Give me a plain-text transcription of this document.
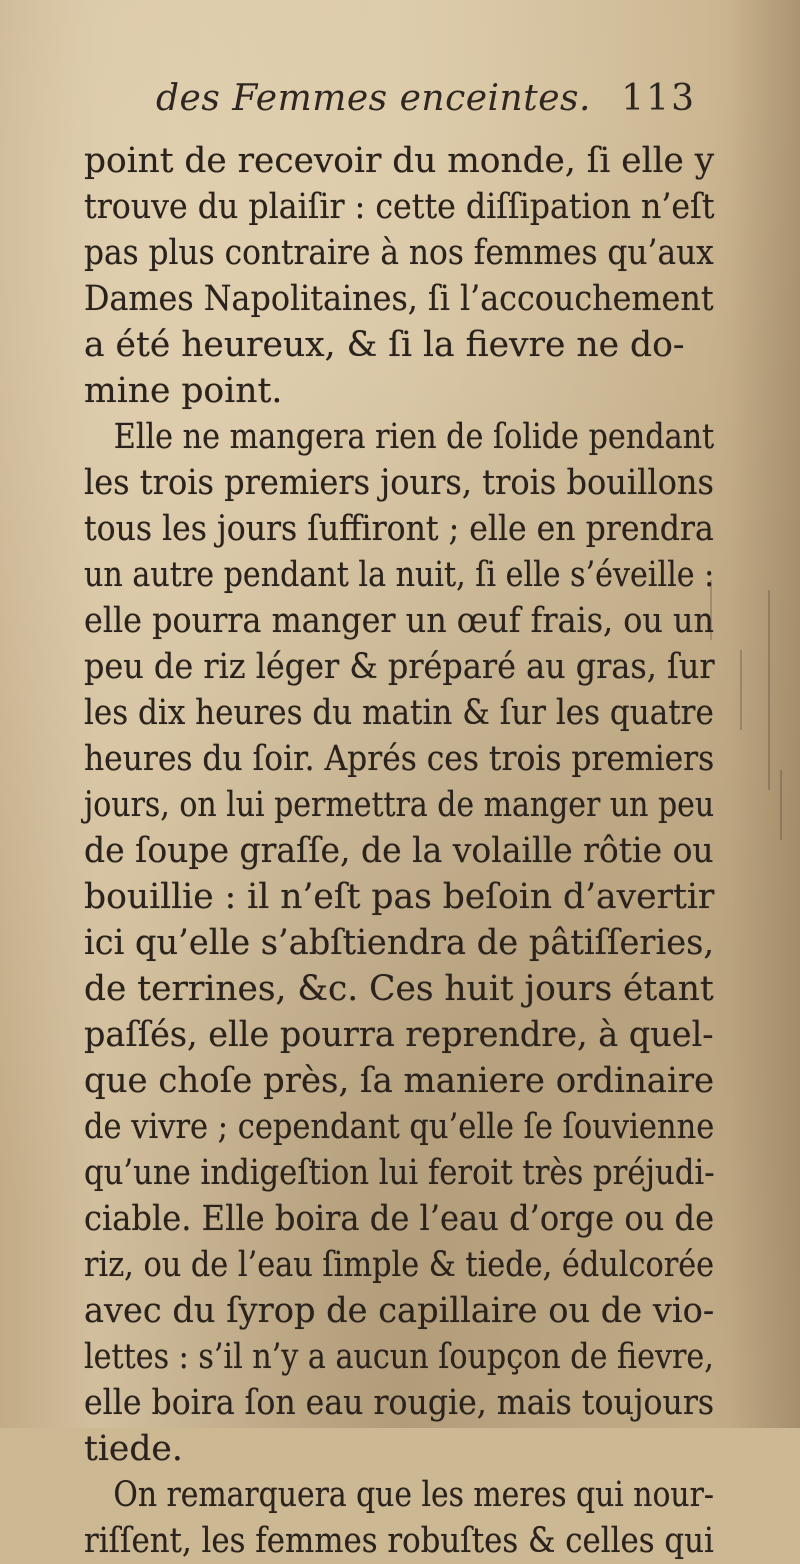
des Femmes enceintes. 113
point de recevoir du monde, ſi elle y
trouve du plaiſir : cette diſſipation n’eſt
pas plus contraire à nos femmes qu’aux
Dames Napolitaines, ſi l’accouchement
a été heureux, & ſi la fievre ne do-
mine point.
Elle ne mangera rien de ſolide pendant
les trois premiers jours, trois bouillons
tous les jours ſuffiront ; elle en prendra
un autre pendant la nuit, ſi elle s’éveille :
elle pourra manger un œuf frais, ou un
peu de riz léger & préparé au gras, ſur
les dix heures du matin & ſur les quatre
heures du ſoir. Aprés ces trois premiers
jours, on lui permettra de manger un peu
de ſoupe graſſe, de la volaille rôtie ou
bouillie : il n’eſt pas beſoin d’avertir
ici qu’elle s’abſtiendra de pâtiſſeries,
de terrines, &c. Ces huit jours étant
paſſés, elle pourra reprendre, à quel-
que choſe près, ſa maniere ordinaire
de vivre ; cependant qu’elle ſe ſouvienne
qu’une indigeſtion lui feroit très préjudi-
ciable. Elle boira de l’eau d’orge ou de
riz, ou de l’eau ſimple & tiede, édulcorée
avec du ſyrop de capillaire ou de vio-
lettes : s’il n’y a aucun ſoupçon de fievre,
elle boira ſon eau rougie, mais toujours
tiede.
On remarquera que les meres qui nour-
riſſent, les femmes robuſtes & celles qui
